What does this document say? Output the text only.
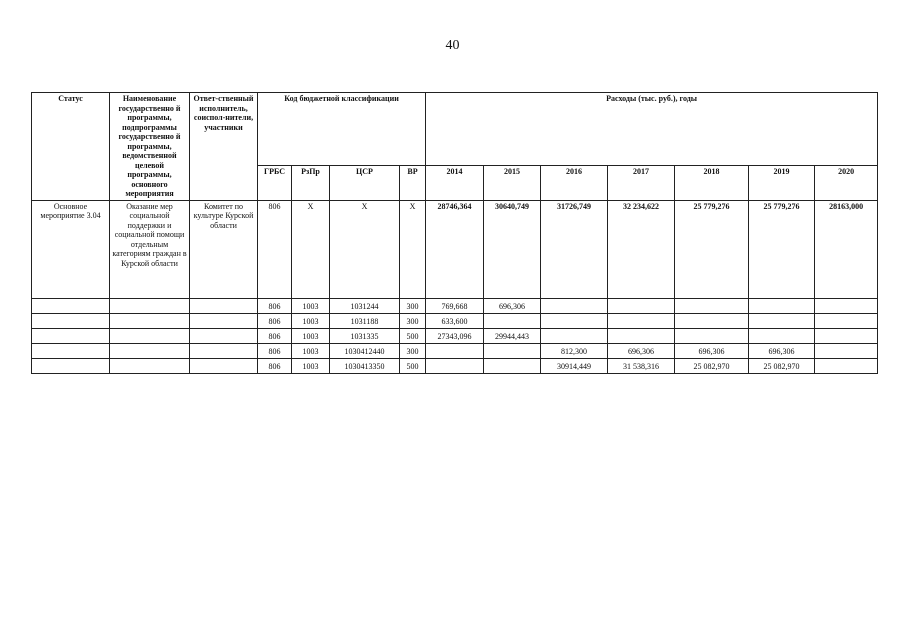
40
Статус	Наименование государственно й программы, подпрограммы государственно й программы, ведомственной целевой программы, основного мероприятия	Ответ-ственный исполнитель, соиспол-нители, участники	Код бюджетной классификации				Расходы (тыс. руб.), годы						
			ГРБС	РзПр	ЦСР	ВР	2014	2015	2016	2017	2018	2019	2020
Основное мероприятие 3.04	Оказание мер социальной поддержки и социальной помощи отдельным категориям граждан в Курской области	Комитет по культуре Курской области	806	X	X	X	28746,364	30640,749	31726,749	32 234,622	25 779,276	25 779,276	28163,000
			806	1003	1031244	300	769,668	696,306					
			806	1003	1031188	300	633,600						
			806	1003	1031335	500	27343,096	29944,443					
			806	1003	1030412440	300			812,300	696,306	696,306	696,306	
			806	1003	1030413350	500			30914,449	31 538,316	25 082,970	25 082,970	
